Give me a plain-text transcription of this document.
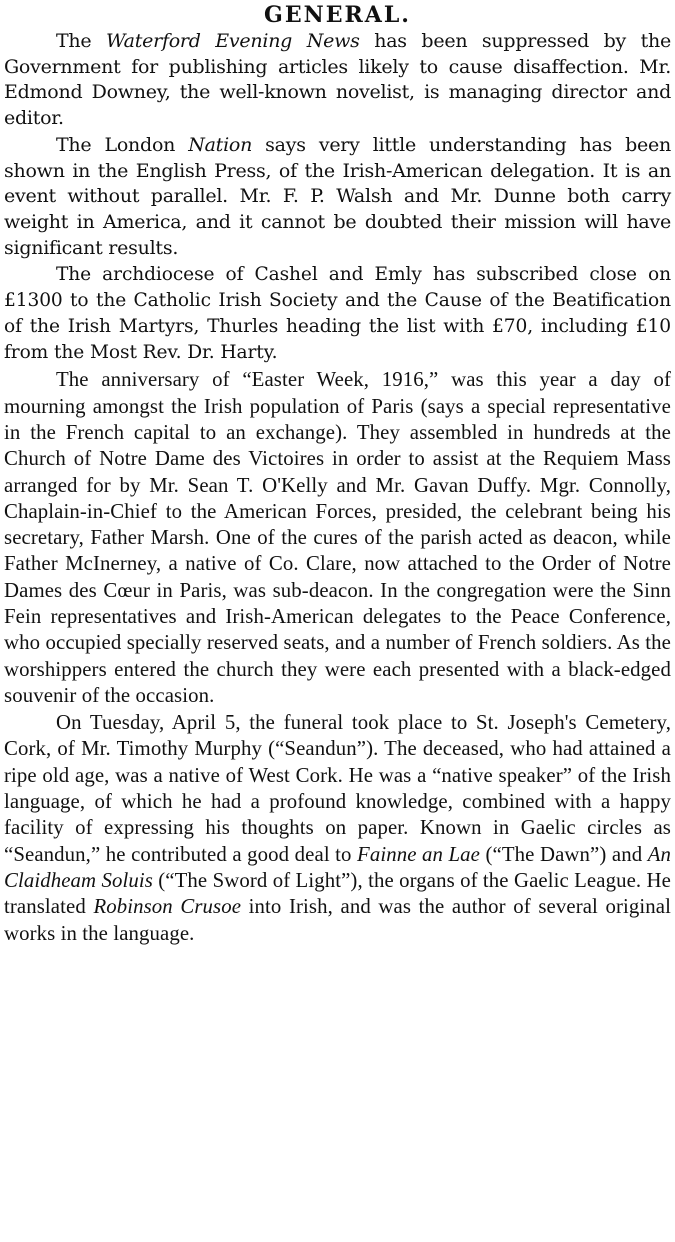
GENERAL.

The Waterford Evening News has been suppressed by the Government for publishing articles likely to cause disaffection. Mr. Edmond Downey, the well-known novelist, is managing director and editor.

The London Nation says very little understanding has been shown in the English Press, of the Irish-American delegation. It is an event without parallel. Mr. F. P. Walsh and Mr. Dunne both carry weight in America, and it cannot be doubted their mission will have significant results.

The archdiocese of Cashel and Emly has subscribed close on £1300 to the Catholic Irish Society and the Cause of the Beatification of the Irish Martyrs, Thurles heading the list with £70, including £10 from the Most Rev. Dr. Harty.

The anniversary of “Easter Week, 1916,” was this year a day of mourning amongst the Irish population of Paris (says a special representative in the French capital to an exchange). They assembled in hundreds at the Church of Notre Dame des Victoires in order to assist at the Requiem Mass arranged for by Mr. Sean T. O'Kelly and Mr. Gavan Duffy. Mgr. Connolly, Chaplain-in-Chief to the American Forces, presided, the celebrant being his secretary, Father Marsh. One of the cures of the parish acted as deacon, while Father McInerney, a native of Co. Clare, now attached to the Order of Notre Dames des Cœur in Paris, was sub-deacon. In the congregation were the Sinn Fein representatives and Irish-American delegates to the Peace Conference, who occupied specially reserved seats, and a number of French soldiers. As the worshippers entered the church they were each presented with a black-edged souvenir of the occasion.

On Tuesday, April 5, the funeral took place to St. Joseph's Cemetery, Cork, of Mr. Timothy Murphy (“Seandun”). The deceased, who had attained a ripe old age, was a native of West Cork. He was a “native speaker” of the Irish language, of which he had a profound knowledge, combined with a happy facility of expressing his thoughts on paper. Known in Gaelic circles as “Seandun,” he contributed a good deal to Fainne an Lae (“The Dawn”) and An Claidheam Soluis (“The Sword of Light”), the organs of the Gaelic League. He translated Robinson Crusoe into Irish, and was the author of several original works in the language.
